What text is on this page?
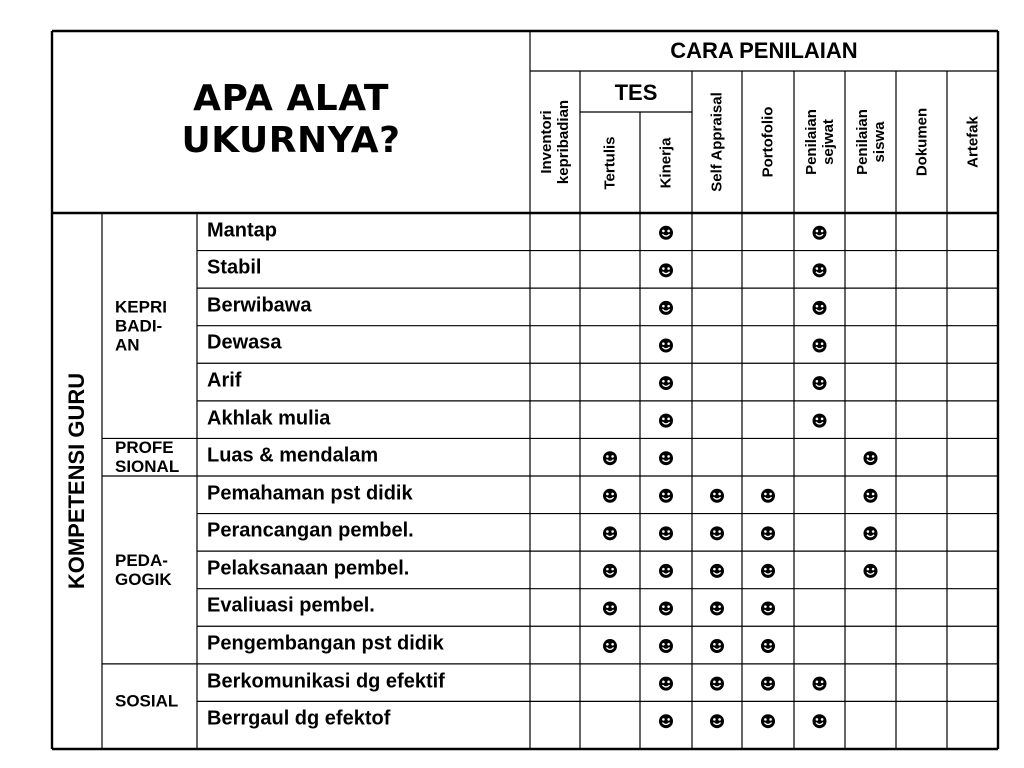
APA ALAT
UKURNYA?
CARA PENILAIAN
TES
Inventori kepribadian Tertulis	Kinerja Self Appraisal Portofolio Penilaian sejwat Penilaian siswa Dokumen Artefak
KOMPETENSI GURU
KEPRI
BADI-
AN
PROFE
SIONAL
PEDA-
GOGIK
SOSIAL
Mantap
Stabil
Berwibawa
Dewasa
Arif
Akhlak mulia
Luas & mendalam
Pemahaman pst didik
Perancangan pembel.
Pelaksanaan pembel.
Evaliuasi pembel.
Pengembangan pst didik
Berkomunikasi dg efektif
Berrgaul dg efektof
